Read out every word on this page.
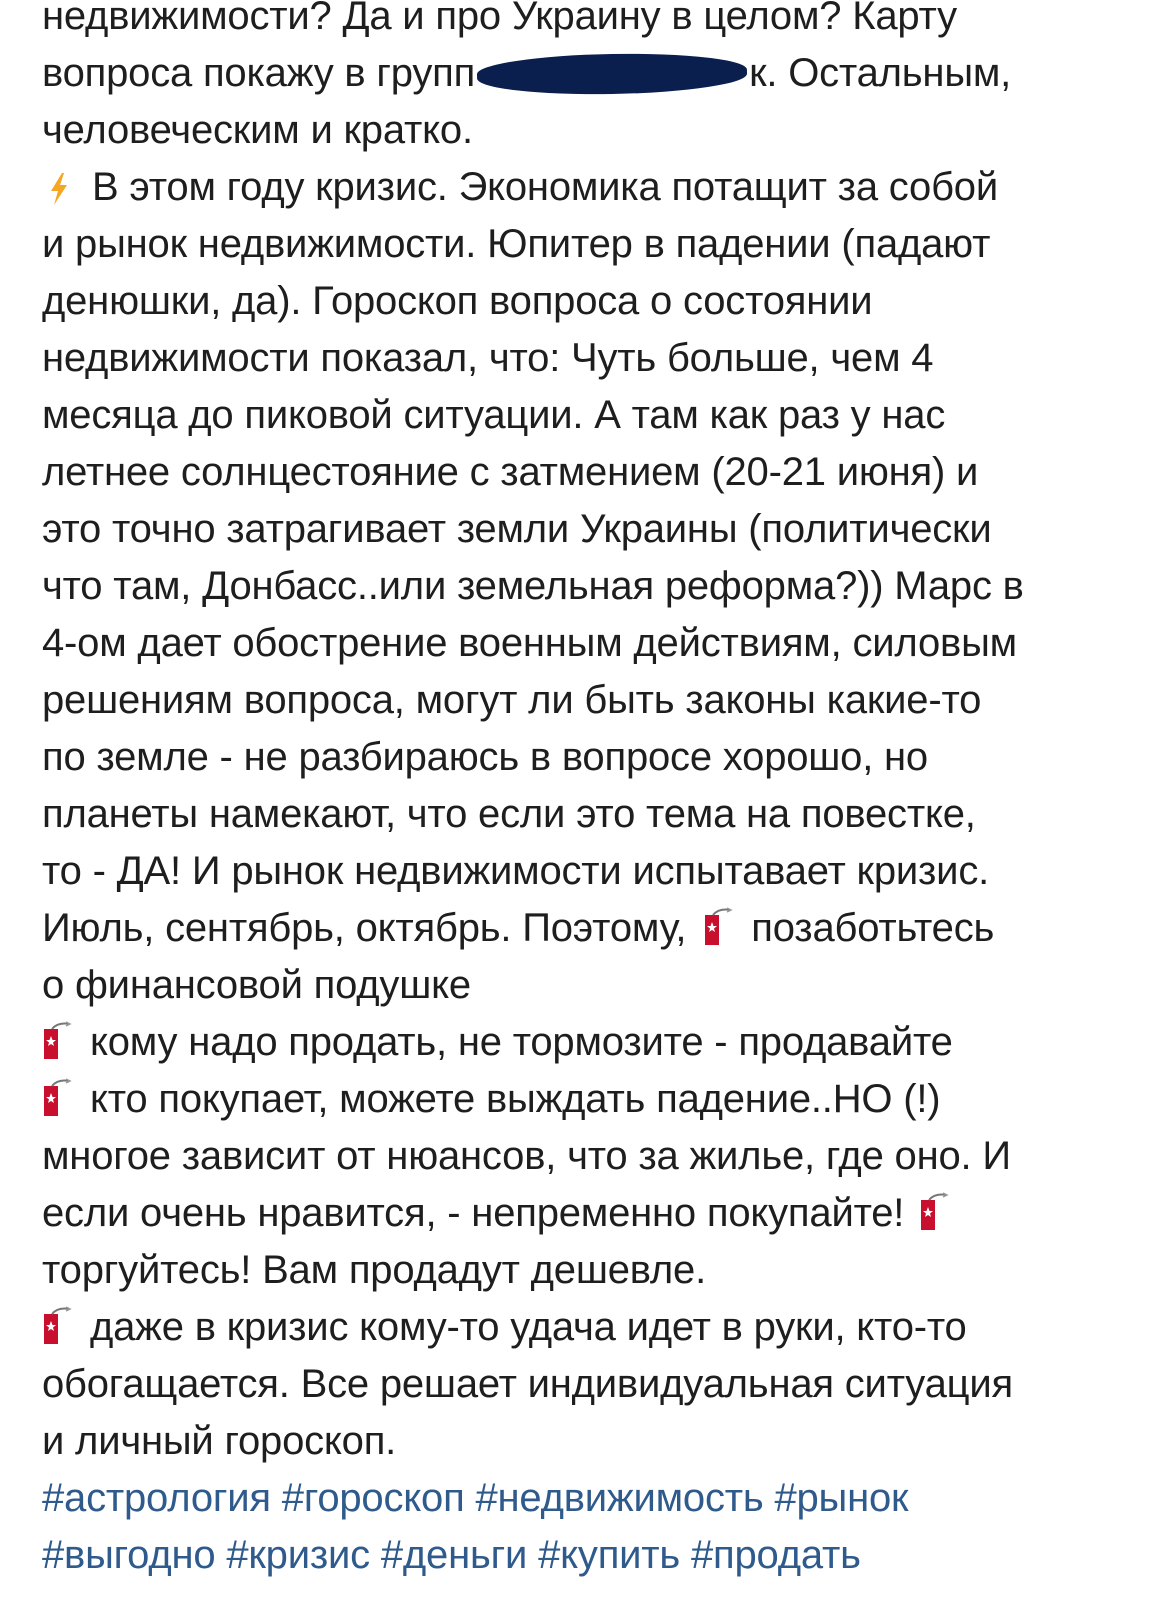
недвижимости? Да и про Украину в целом? Карту
вопроса покажу в групп	к. Остальным,
человеческим и кратко.
В этом году кризис. Экономика потащит за собой
и рынок недвижимости. Юпитер в падении (падают
денюшки, да). Гороскоп вопроса о состоянии
недвижимости показал, что: Чуть больше, чем 4
месяца до пиковой ситуации. А там как раз у нас
летнее солнцестояние с затмением (20-21 июня) и
это точно затрагивает земли Украины (политически
что там, Донбасс..или земельная реформа?)) Марс в
4-ом дает обострение военным действиям, силовым
решениям вопроса, могут ли быть законы какие-то
по земле - не разбираюсь в вопросе хорошо, но
планеты намекают, что если это тема на повестке,
то - ДА! И рынок недвижимости испытавает кризис.
Июль, сентябрь, октябрь. Поэтому, позаботьтесь
о финансовой подушке
кому надо продать, не тормозите - продавайте
кто покупает, можете выждать падение..НО (!)
многое зависит от нюансов, что за жилье, где оно. И
если очень нравится, - непременно покупайте!
торгуйтесь! Вам продадут дешевле.
даже в кризис кому-то удача идет в руки, кто-то
обогащается. Все решает индивидуальная ситуация
и личный гороскоп.
#астрология #гороскоп #недвижимость #рынок
#выгодно #кризис #деньги #купить #продать
